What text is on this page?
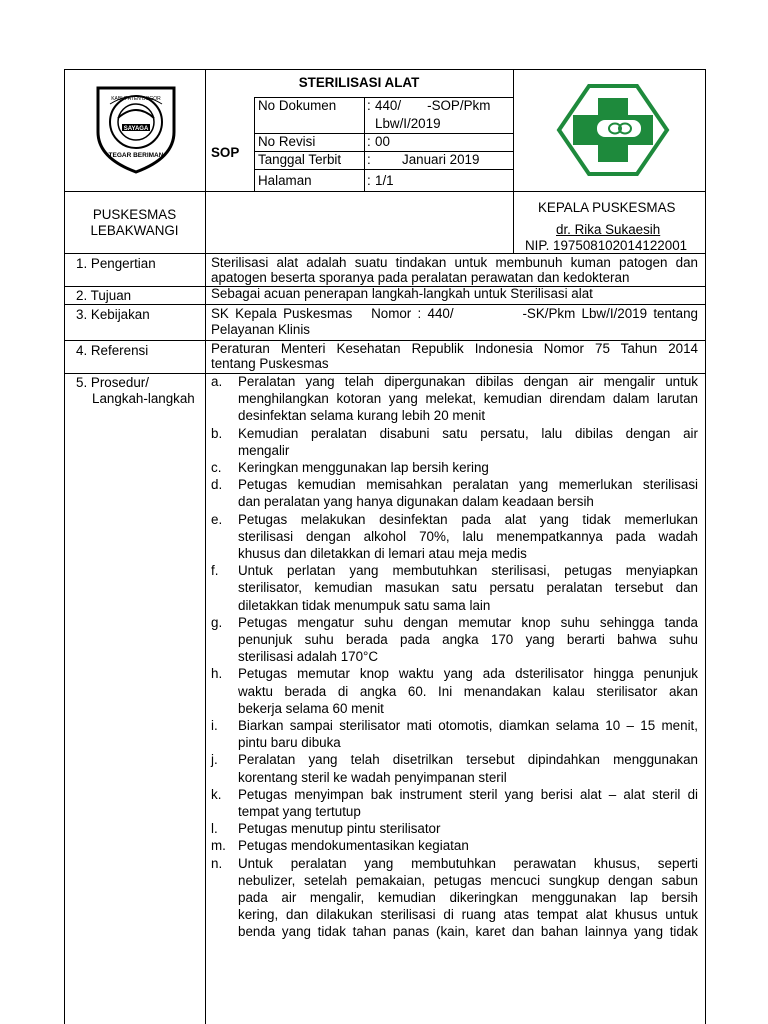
SAYAGA
KABUPATEN BOGOR
TEGAR BERIMAN
STERILISASI ALAT
SOP
No Dokumen : 440/       -SOP/Pkm
Lbw/I/2019
No Revisi	: 00
Tanggal Terbit : Januari 2019
Halaman	: 1/1
PUSKESMAS
LEBAKWANGI
KEPALA PUSKESMAS
dr. Rika Sukaesih
NIP. 197508102014122001
1. Pengertian	Sterilisasi alat adalah suatu tindakan untuk membunuh kuman patogen dan
apatogen beserta sporanya pada peralatan perawatan dan kedokteran
2. Tujuan	Sebagai acuan penerapan langkah-langkah untuk Sterilisasi alat
3. Kebijakan	SK Kepala Puskesmas   Nomor : 440/           -SK/Pkm Lbw/I/2019 tentang
Pelayanan Klinis
4. Referensi	Peraturan Menteri Kesehatan Republik Indonesia Nomor 75 Tahun 2014
tentang Puskesmas
5. Prosedur/
Langkah-langkah
a. Peralatan yang telah dipergunakan dibilas dengan air mengalir untuk
menghilangkan kotoran yang melekat, kemudian direndam dalam larutan
desinfektan selama kurang lebih 20 menit
b. Kemudian peralatan disabuni satu persatu, lalu dibilas dengan air
mengalir
c. Keringkan menggunakan lap bersih kering
d. Petugas kemudian memisahkan peralatan yang memerlukan sterilisasi
dan peralatan yang hanya digunakan dalam keadaan bersih
e. Petugas melakukan desinfektan pada alat yang tidak memerlukan
sterilisasi dengan alkohol 70%, lalu menempatkannya pada wadah
khusus dan diletakkan di lemari atau meja medis
f. Untuk perlatan yang membutuhkan sterilisasi, petugas menyiapkan
sterilisator, kemudian masukan satu persatu peralatan tersebut dan
diletakkan tidak menumpuk satu sama lain
g. Petugas mengatur suhu dengan memutar knop suhu sehingga tanda
penunjuk suhu berada pada angka 170 yang berarti bahwa suhu
sterilisasi adalah 170°C
h. Petugas memutar knop waktu yang ada dsterilisator hingga penunjuk
waktu berada di angka 60. Ini menandakan kalau sterilisator akan
bekerja selama 60 menit
i. Biarkan sampai sterilisator mati otomotis, diamkan selama 10 – 15 menit,
pintu baru dibuka
j. Peralatan yang telah disetrilkan tersebut dipindahkan menggunakan
korentang steril ke wadah penyimpanan steril
k. Petugas menyimpan bak instrument steril yang berisi alat – alat steril di
tempat yang tertutup
l. Petugas menutup pintu sterilisator
m. Petugas mendokumentasikan kegiatan
n. Untuk peralatan yang membutuhkan perawatan khusus, seperti
nebulizer, setelah pemakaian, petugas mencuci sungkup dengan sabun
pada air mengalir, kemudian dikeringkan menggunakan lap bersih
kering, dan dilakukan sterilisasi di ruang atas tempat alat khusus untuk
benda yang tidak tahan panas (kain, karet dan bahan lainnya yang tidak
